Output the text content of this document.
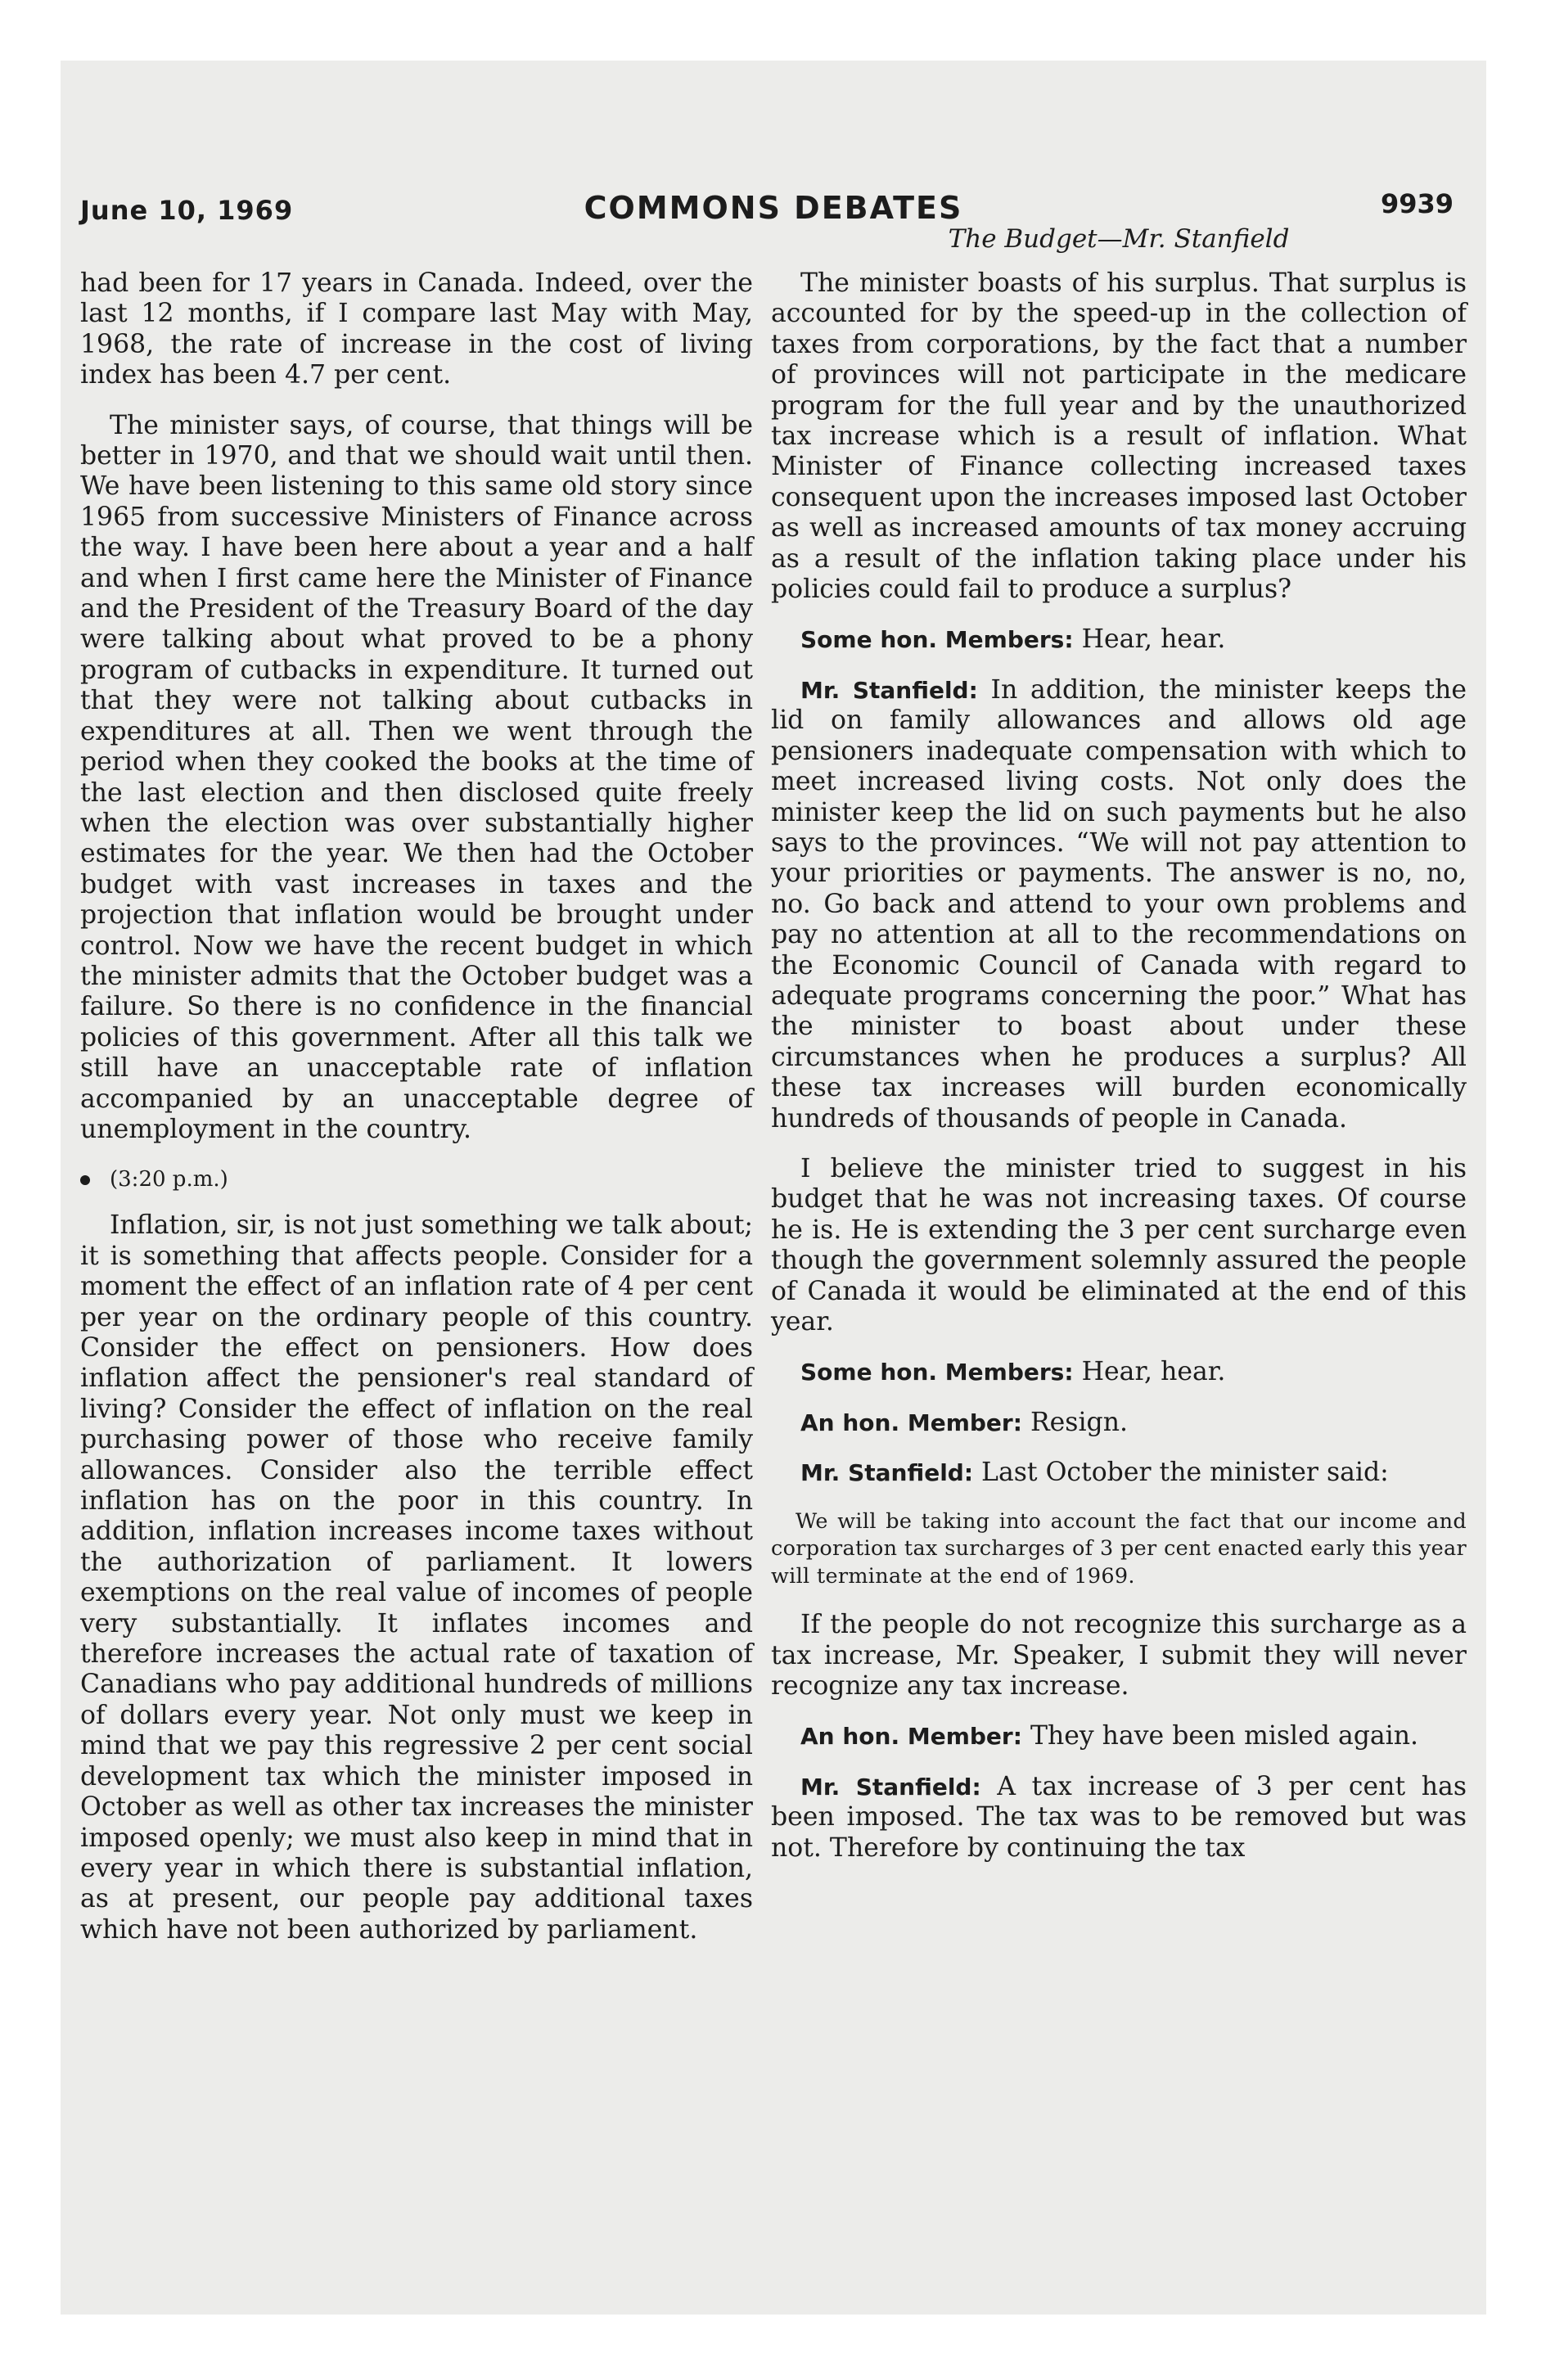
June 10, 1969	COMMONS DEBATES	9939
The Budget—Mr. Stanfield

had been for 17 years in Canada. Indeed, over the last 12 months, if I compare last May with May, 1968, the rate of increase in the cost of living index has been 4.7 per cent.

The minister says, of course, that things will be better in 1970, and that we should wait until then. We have been listening to this same old story since 1965 from successive Ministers of Finance across the way. I have been here about a year and a half and when I first came here the Minister of Finance and the President of the Treasury Board of the day were talking about what proved to be a phony program of cutbacks in expenditure. It turned out that they were not talking about cutbacks in expenditures at all. Then we went through the period when they cooked the books at the time of the last election and then disclosed quite freely when the election was over substantially higher estimates for the year. We then had the October budget with vast increases in taxes and the projection that inflation would be brought under control. Now we have the recent budget in which the minister admits that the October budget was a failure. So there is no confidence in the financial policies of this government. After all this talk we still have an unacceptable rate of inflation accompanied by an unacceptable degree of unemployment in the country.

(3:20 p.m.)

Inflation, sir, is not just something we talk about; it is something that affects people. Consider for a moment the effect of an inflation rate of 4 per cent per year on the ordinary people of this country. Consider the effect on pensioners. How does inflation affect the pensioner's real standard of living? Consider the effect of inflation on the real purchasing power of those who receive family allowances. Consider also the terrible effect inflation has on the poor in this country. In addition, inflation increases income taxes without the authorization of parliament. It lowers exemptions on the real value of incomes of people very substantially. It inflates incomes and therefore increases the actual rate of taxation of Canadians who pay additional hundreds of millions of dollars every year. Not only must we keep in mind that we pay this regressive 2 per cent social development tax which the minister imposed in October as well as other tax increases the minister imposed openly; we must also keep in mind that in every year in which there is substantial inflation, as at present, our people pay additional taxes which have not been authorized by parliament.

The minister boasts of his surplus. That surplus is accounted for by the speed-up in the collection of taxes from corporations, by the fact that a number of provinces will not participate in the medicare program for the full year and by the unauthorized tax increase which is a result of inflation. What Minister of Finance collecting increased taxes consequent upon the increases imposed last October as well as increased amounts of tax money accruing as a result of the inflation taking place under his policies could fail to produce a surplus?

Some hon. Members: Hear, hear.

Mr. Stanfield: In addition, the minister keeps the lid on family allowances and allows old age pensioners inadequate compensation with which to meet increased living costs. Not only does the minister keep the lid on such payments but he also says to the provinces. “We will not pay attention to your priorities or payments. The answer is no, no, no. Go back and attend to your own problems and pay no attention at all to the recommendations on the Economic Council of Canada with regard to adequate programs concerning the poor.” What has the minister to boast about under these circumstances when he produces a surplus? All these tax increases will burden economically hundreds of thousands of people in Canada.

I believe the minister tried to suggest in his budget that he was not increasing taxes. Of course he is. He is extending the 3 per cent surcharge even though the government solemnly assured the people of Canada it would be eliminated at the end of this year.

Some hon. Members: Hear, hear.

An hon. Member: Resign.

Mr. Stanfield: Last October the minister said:

We will be taking into account the fact that our income and corporation tax surcharges of 3 per cent enacted early this year will terminate at the end of 1969.

If the people do not recognize this surcharge as a tax increase, Mr. Speaker, I submit they will never recognize any tax increase.

An hon. Member: They have been misled again.

Mr. Stanfield: A tax increase of 3 per cent has been imposed. The tax was to be removed but was not. Therefore by continuing the tax
